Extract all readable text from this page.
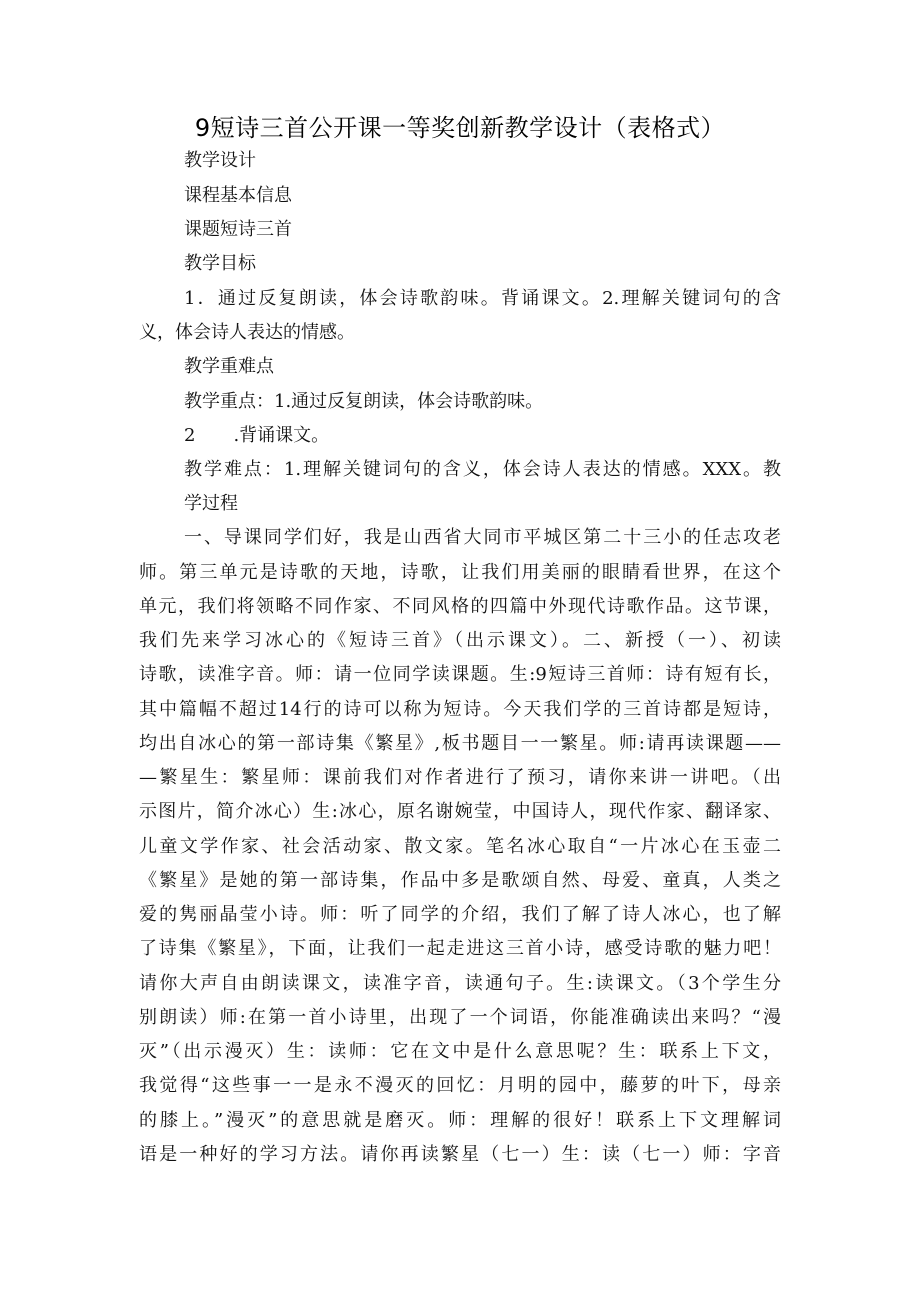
9短诗三首公开课一等奖创新教学设计（表格式）
教学设计
课程基本信息
课题短诗三首
教学目标
1．通过反复朗读，体会诗歌韵味。背诵课文。2.理解关键词句的含
义，体会诗人表达的情感。
教学重难点
教学重点：1.通过反复朗读，体会诗歌韵味。
2 .背诵课文。
教学难点：1.理解关键词句的含义，体会诗人表达的情感。XXX。教
学过程
一、导课同学们好，我是山西省大同市平城区第二十三小的任志攻老
师。第三单元是诗歌的天地，诗歌，让我们用美丽的眼睛看世界，在这个
单元，我们将领略不同作家、不同风格的四篇中外现代诗歌作品。这节课，
我们先来学习冰心的《短诗三首》（出示课文）。二、新授（一）、初读
诗歌，读准字音。师：请一位同学读课题。生:9短诗三首师：诗有短有长，
其中篇幅不超过14行的诗可以称为短诗。今天我们学的三首诗都是短诗，
均出自冰心的第一部诗集《繁星》,板书题目一一繁星。师:请再读课题——
—繁星生：繁星师：课前我们对作者进行了预习，请你来讲一讲吧。（出
示图片，简介冰心）生:冰心，原名谢婉莹，中国诗人，现代作家、翻译家、
儿童文学作家、社会活动家、散文家。笔名冰心取自“一片冰心在玉壶二
《繁星》是她的第一部诗集，作品中多是歌颂自然、母爱、童真，人类之
爱的隽丽晶莹小诗。师：听了同学的介绍，我们了解了诗人冰心，也了解
了诗集《繁星》，下面，让我们一起走进这三首小诗，感受诗歌的魅力吧！
请你大声自由朗读课文，读准字音，读通句子。生:读课文。（3个学生分
别朗读）师:在第一首小诗里，出现了一个词语，你能准确读出来吗？“漫
灭”（出示漫灭）生：读师：它在文中是什么意思呢？生：联系上下文，
我觉得“这些事一一是永不漫灭的回忆：月明的园中，藤萝的叶下，母亲
的膝上。”漫灭”的意思就是磨灭。师：理解的很好！联系上下文理解词
语是一种好的学习方法。请你再读繁星（七一）生：读（七一）师：字音
